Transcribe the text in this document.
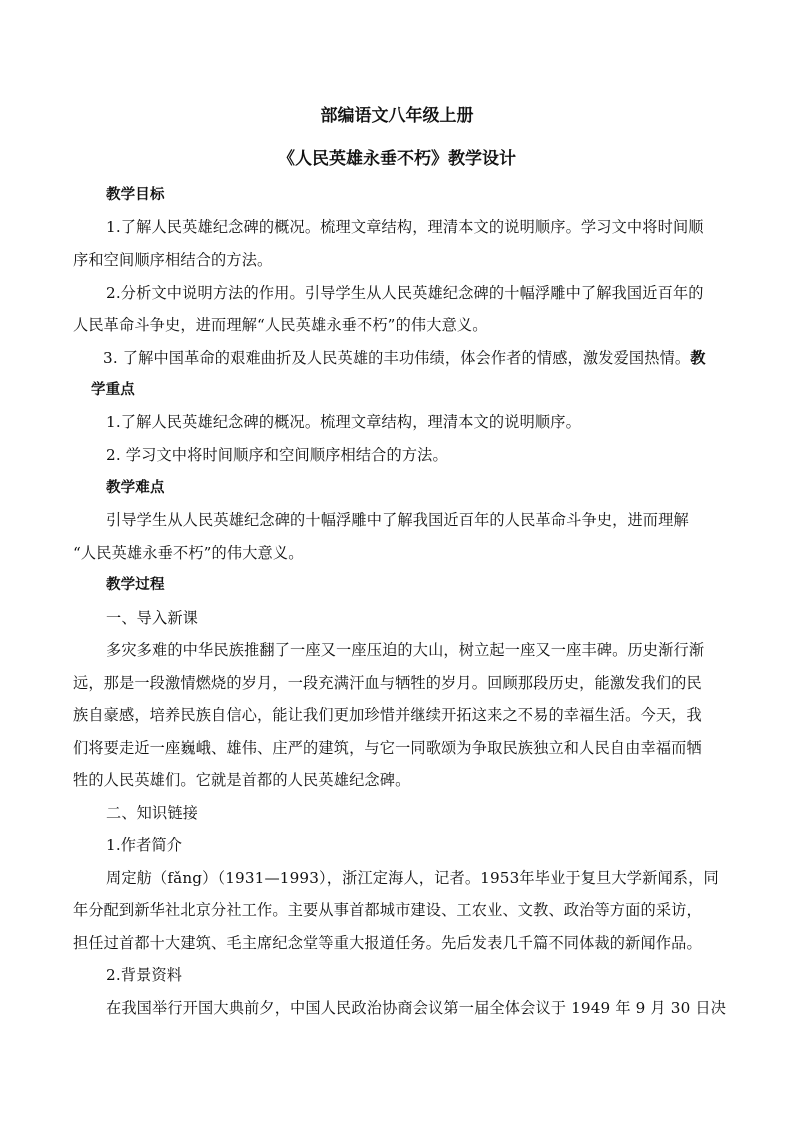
部编语文八年级上册
《人民英雄永垂不朽》教学设计
教学目标
1.了解人民英雄纪念碑的概况。梳理文章结构，理清本文的说明顺序。学习文中将时间顺
序和空间顺序相结合的方法。
2.分析文中说明方法的作用。引导学生从人民英雄纪念碑的十幅浮雕中了解我国近百年的
人民革命斗争史，进而理解“人民英雄永垂不朽”的伟大意义。
3. 了解中国革命的艰难曲折及人民英雄的丰功伟绩，体会作者的情感，激发爱国热情。教
学重点
1.了解人民英雄纪念碑的概况。梳理文章结构，理清本文的说明顺序。
2. 学习文中将时间顺序和空间顺序相结合的方法。
教学难点
引导学生从人民英雄纪念碑的十幅浮雕中了解我国近百年的人民革命斗争史，进而理解
“人民英雄永垂不朽”的伟大意义。
教学过程
一、导入新课
多灾多难的中华民族推翻了一座又一座压迫的大山，树立起一座又一座丰碑。历史渐行渐
远，那是一段激情燃烧的岁月，一段充满汗血与牺牲的岁月。回顾那段历史，能激发我们的民
族自豪感，培养民族自信心，能让我们更加珍惜并继续开拓这来之不易的幸福生活。今天，我
们将要走近一座巍峨、雄伟、庄严的建筑，与它一同歌颂为争取民族独立和人民自由幸福而牺
牲的人民英雄们。它就是首都的人民英雄纪念碑。
二、知识链接
1.作者简介
周定舫（fǎng）（1931—1993），浙江定海人，记者。1953年毕业于复旦大学新闻系，同
年分配到新华社北京分社工作。主要从事首都城市建设、工农业、文教、政治等方面的采访，
担任过首都十大建筑、毛主席纪念堂等重大报道任务。先后发表几千篇不同体裁的新闻作品。
2.背景资料
在我国举行开国大典前夕，中国人民政治协商会议第一届全体会议于 1949 年 9 月 30 日决
